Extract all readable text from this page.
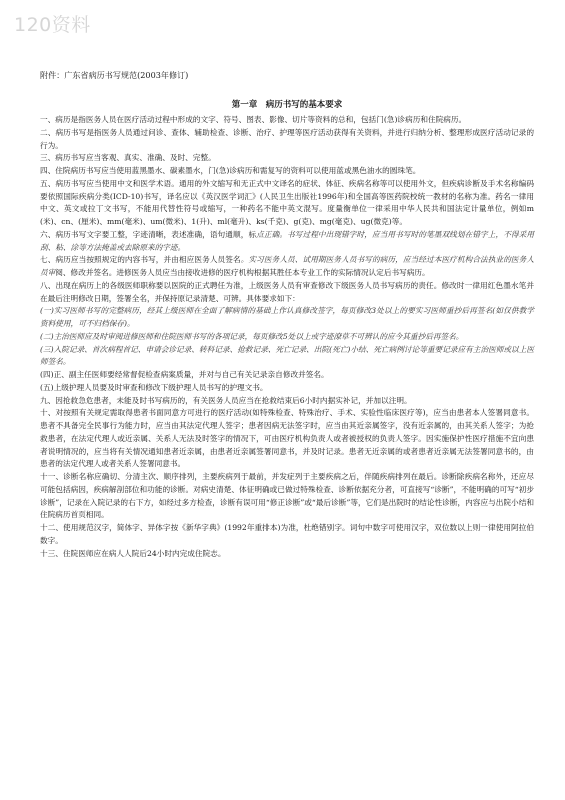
120资料
附件：广东省病历书写规范(2003年修订)
第一章　病历书写的基本要求

一、病历是指医务人员在医疗活动过程中形成的文字、符号、图表、影像、切片等资料的总和，包括门(急)诊病历和住院病历。

二、病历书写是指医务人员通过问诊、查体、辅助检查、诊断、治疗、护理等医疗活动获得有关资料，并进行归纳分析、整理形成医疗活动记录的行为。

三、病历书写应当客观、真实、准确、及时、完整。

四、住院病历书写应当使用蓝黑墨水、碳素墨水，门(急)诊病历和需复写的资料可以使用蓝或黑色油水的圆珠笔。

五、病历书写应当使用中文和医学术语。通用的外文缩写和无正式中文译名的症状、体征、疾病名称等可以使用外文，但疾病诊断及手术名称编码要依照国际疾病分类(ICD-10)书写，译名应以《英汉医学词汇》(人民卫生出版社1996年)和全国高等医药院校统一教材的名称为准。药名一律用中文、英文或拉丁文书写，不能用代替性符号或缩写，一种药名不能中英文混写。度量衡单位一律采用中华人民共和国法定计量单位，例如m(米)、cn、(厘米)、mm(毫米)、um(微米)、1(升)、ml(毫升)、ks(千克)、g(克)、mg(毫克)、ug(微克)等。

六、病历书写文字要工整，字迹清晰，表述准确，语句通顺，标点正确。书写过程中出现错字时，应当用书写时的笔墨双线划在错字上，不得采用刮、粘、涂等方法掩盖或去除原来的字迹。

七、病历应当按照规定的内容书写，并由相应医务人员签名。实习医务人员、试用期医务人员书写的病历，应当经过本医疗机构合法执业的医务人员审阅、修改并签名。进修医务人员应当由接收进修的医疗机构根据其胜任本专业工作的实际情况认定后书写病历。

八、出现在病历上的各级医师职称要以医院的正式聘任为准，上级医务人员有审查修改下级医务人员书写病历的责任。修改时一律用红色墨水笔并在最后注明修改日期，签署全名，并保持原记录清楚、可辨。具体要求如下：

(一)实习医师书写的完整病历，经其上级医师在全面了解病情的基础上作认真修改签字，每页修改3处以上的要实习医师重抄后再签名(如仅供教学资料使用，可不归档保存)。

(二)主治医师应及时审阅进修医师和住院医师书写的各项记录，每页修改5处以上或字迹潦草不可辨认的应今其重抄后再签名。

(三)入院记录、首次病程首记、申请会诊记录、转科记录、抢救记录、死亡记录、出院(死亡)小结、死亡病例讨论等重要记录应有主治医师或以上医师签名。

(四)正、副主任医师要经常督促检查病案质量，并对与自己有关记录亲自修改并签名。

(五)上级护理人员要及时审查和修改下级护理人员书写的护理文书。

九、因抢救急危患者，未能及时书写病历的，有关医务人员应当在抢救结束后6小时内据实补记，并加以注明。

十、对按照有关规定需取得患者书面同意方可进行的医疗活动(如特殊检查、特殊治疗、手术、实验性临床医疗等)，应当由患者本人签署同意书。患者不具备完全民事行为能力时，应当由其法定代理人签字；患者因病无法签字时，应当由其近亲属签字，没有近亲属的，由其关系人签字；为抢救患者，在法定代理人或近亲属、关系人无法及时签字的情况下，可由医疗机构负责人或者被授权的负责人签字。因实施保护性医疗措施不宜向患者说明情况的，应当将有关情况通知患者近亲属，由患者近亲属签署同意书，并及时记录。患者无近亲属的或者患者近亲属无法签署同意书的，由患者的法定代理人或者关系人签署同意书。

十一、诊断名称应确切、分清主次、顺序排列，主要疾病列于最前，并发症列于主要疾病之后，伴随疾病排列在最后。诊断除疾病名称外，还应尽可能包括病因，疾病解剖部位和功能的诊断。对病史清楚、体征明确或已做过特殊检查、诊断依据充分者，可直接写“诊断”，不能明确的可写“初步诊断”，记录在入院记录的右下方，如经过多方检查，诊断有误可用“修正诊断”或“最后诊断”等，它们是出院时的结论性诊断，内容应与出院小结和住院病历首页相同。

十二、使用规范汉字，简体字、异体字按《新华字典》(1992年重排本)为准，杜绝错别字。词句中数字可使用汉字，双位数以上则一律使用阿拉伯数字。

十三、住院医师应在病人人院后24小时内完成住院志。
